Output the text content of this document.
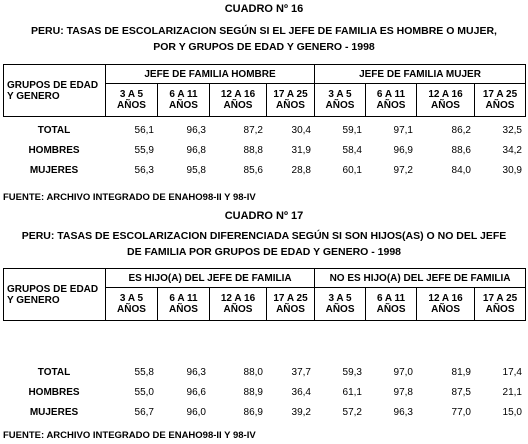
CUADRO Nº 16
PERU: TASAS DE ESCOLARIZACION SEGÚN SI EL JEFE DE FAMILIA ES HOMBRE O MUJER,
POR Y GRUPOS DE EDAD Y GENERO - 1998
GRUPOS DE EDAD Y GENERO	JEFE DE FAMILIA HOMBRE				JEFE DE FAMILIA MUJER			
	3 A 5 AÑOS	6 A 11 AÑOS	12 A 16 AÑOS	17 A 25 AÑOS	3 A 5 AÑOS	6 A 11 AÑOS	12 A 16 AÑOS	17 A 25 AÑOS
TOTAL	56,1	96,3	87,2	30,4	59,1	97,1	86,2	32,5
HOMBRES	55,9	96,8	88,8	31,9	58,4	96,9	88,6	34,2
MUJERES	56,3	95,8	85,6	28,8	60,1	97,2	84,0	30,9
FUENTE: ARCHIVO INTEGRADO DE ENAHO98-II Y 98-IV
CUADRO Nº 17
PERU: TASAS DE ESCOLARIZACION DIFERENCIADA SEGÚN SI SON HIJOS(AS) O NO DEL JEFE
DE FAMILIA POR GRUPOS DE EDAD Y GENERO - 1998
GRUPOS DE EDAD Y GENERO	ES HIJO(A) DEL JEFE DE FAMILIA				NO ES HIJO(A) DEL JEFE DE FAMILIA			
	3 A 5 AÑOS	6 A 11 AÑOS	12 A 16 AÑOS	17 A 25 AÑOS	3 A 5 AÑOS	6 A 11 AÑOS	12 A 16 AÑOS	17 A 25 AÑOS
TOTAL	55,8	96,3	88,0	37,7	59,3	97,0	81,9	17,4
HOMBRES	55,0	96,6	88,9	36,4	61,1	97,8	87,5	21,1
MUJERES	56,7	96,0	86,9	39,2	57,2	96,3	77,0	15,0
FUENTE: ARCHIVO INTEGRADO DE ENAHO98-II Y 98-IV
